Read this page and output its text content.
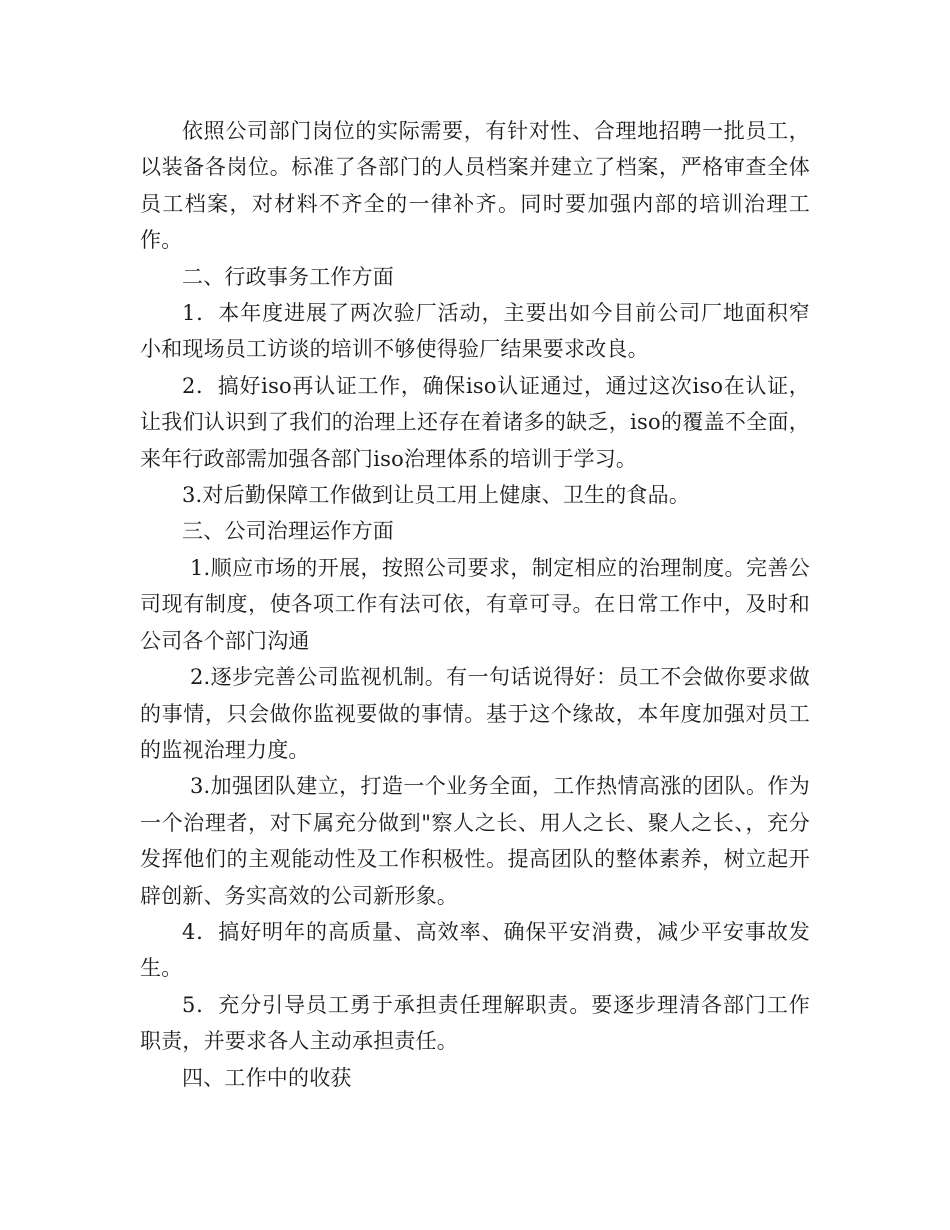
依照公司部门岗位的实际需要，有针对性、合理地招聘一批员工，以装备各岗位。标准了各部门的人员档案并建立了档案，严格审查全体员工档案，对材料不齐全的一律补齐。同时要加强内部的培训治理工作。

二、行政事务工作方面

1．本年度进展了两次验厂活动，主要出如今目前公司厂地面积窄小和现场员工访谈的培训不够使得验厂结果要求改良。

2．搞好iso再认证工作，确保iso认证通过，通过这次iso在认证，让我们认识到了我们的治理上还存在着诸多的缺乏，iso的覆盖不全面，来年行政部需加强各部门iso治理体系的培训于学习。

3.对后勤保障工作做到让员工用上健康、卫生的食品。

三、公司治理运作方面

1.顺应市场的开展，按照公司要求，制定相应的治理制度。完善公司现有制度，使各项工作有法可依，有章可寻。在日常工作中，及时和公司各个部门沟通

2.逐步完善公司监视机制。有一句话说得好：员工不会做你要求做的事情，只会做你监视要做的事情。基于这个缘故，本年度加强对员工的监视治理力度。

3.加强团队建立，打造一个业务全面，工作热情高涨的团队。作为一个治理者，对下属充分做到"察人之长、用人之长、聚人之长、，充分发挥他们的主观能动性及工作积极性。提高团队的整体素养，树立起开辟创新、务实高效的公司新形象。

4．搞好明年的高质量、高效率、确保平安消费，减少平安事故发生。

5．充分引导员工勇于承担责任理解职责。要逐步理清各部门工作职责，并要求各人主动承担责任。

四、工作中的收获
